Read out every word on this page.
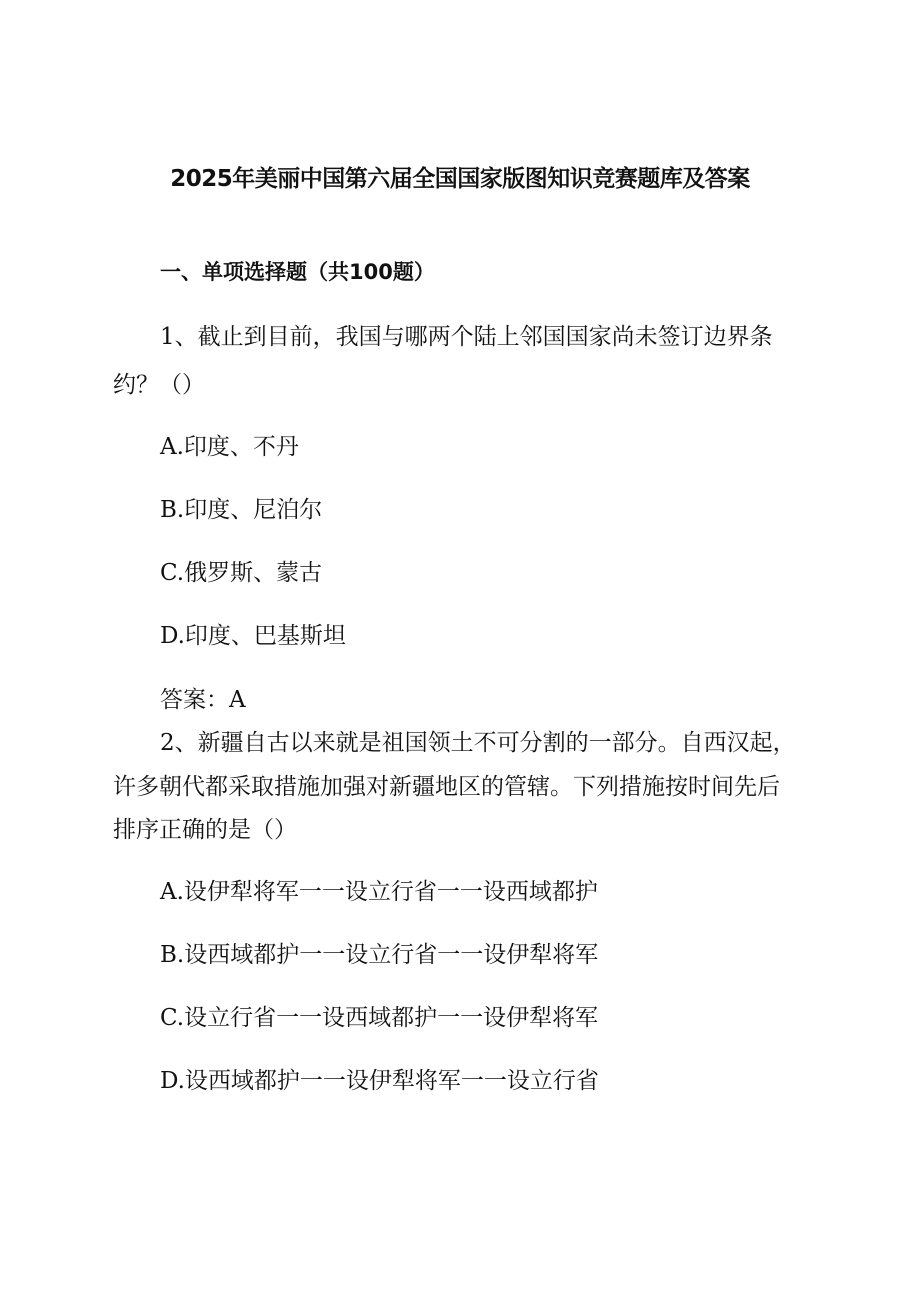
2025年美丽中国第六届全国国家版图知识竞赛题库及答案
一、单项选择题（共100题）
1、截止到目前，我国与哪两个陆上邻国国家尚未签订边界条
约？（）
A.印度、不丹
B.印度、尼泊尔
C.俄罗斯、蒙古
D.印度、巴基斯坦
答案：A
2、新疆自古以来就是祖国领土不可分割的一部分。自西汉起，
许多朝代都采取措施加强对新疆地区的管辖。下列措施按时间先后
排序正确的是（）
A.设伊犁将军一一设立行省一一设西域都护
B.设西域都护一一设立行省一一设伊犁将军
C.设立行省一一设西域都护一一设伊犁将军
D.设西域都护一一设伊犁将军一一设立行省
